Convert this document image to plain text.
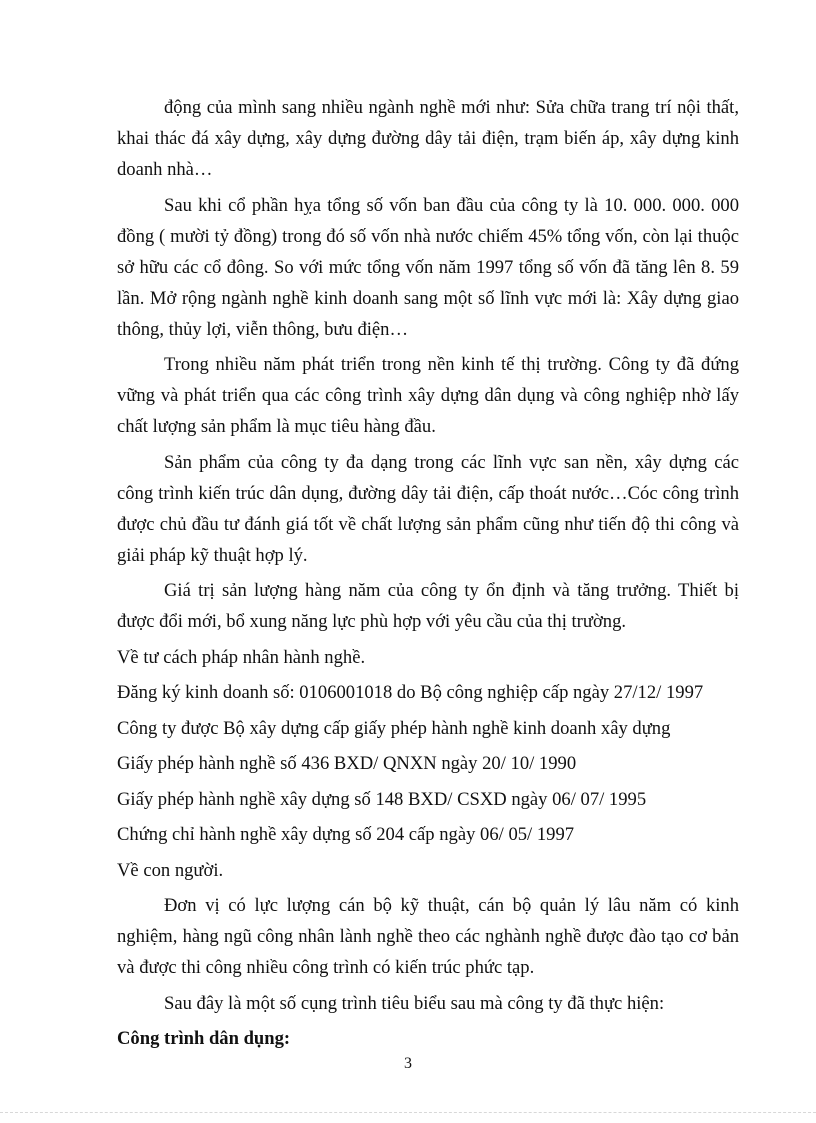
động của mình sang nhiều ngành nghề mới như: Sửa chữa trang trí nội thất, khai thác đá xây dựng, xây dựng đường dây tải điện, trạm biến áp, xây dựng kinh doanh nhà…

Sau khi cổ phần hỵa tổng số vốn ban đầu của công ty là 10. 000. 000. 000 đồng ( mười tỷ đồng) trong đó số vốn nhà nước chiếm 45% tổng vốn, còn lại thuộc sở hữu các cổ đông. So với mức tổng vốn năm 1997 tổng số vốn đã tăng lên 8. 59 lần. Mở rộng ngành nghề kinh doanh sang một số lĩnh vực mới là: Xây dựng giao thông, thủy lợi, viễn thông, bưu điện…

Trong nhiều năm phát triển trong nền kinh tế thị trường. Công ty đã đứng vững và phát triển qua các công trình xây dựng dân dụng và công nghiệp nhờ lấy chất lượng sản phẩm là mục tiêu hàng đầu.

Sản phẩm của công ty đa dạng trong các lĩnh vực san nền, xây dựng các công trình kiến trúc dân dụng, đường dây tải điện, cấp thoát nước…Cóc công trình được chủ đầu tư đánh giá tốt về chất lượng sản phẩm cũng như tiến độ thi công và giải pháp kỹ thuật hợp lý.

Giá trị sản lượng hàng năm của công ty ổn định và tăng trưởng. Thiết bị được đổi mới, bổ xung năng lực phù hợp với yêu cầu của thị trường.

Về tư cách pháp nhân hành nghề.

Đăng ký kinh doanh số: 0106001018 do Bộ công nghiệp cấp ngày 27/12/ 1997

Công ty được Bộ xây dựng cấp giấy phép hành nghề kinh doanh xây dựng

Giấy phép hành nghề số 436 BXD/ QNXN ngày 20/ 10/ 1990

Giấy phép hành nghề xây dựng số 148 BXD/ CSXD ngày 06/ 07/ 1995

Chứng chỉ hành nghề xây dựng số 204 cấp ngày 06/ 05/ 1997

Về con người.

Đơn vị có lực lượng cán bộ kỹ thuật, cán bộ quản lý lâu năm có kinh nghiệm, hàng ngũ công nhân lành nghề theo các nghành nghề được đào tạo cơ bản và được thi công nhiều công trình có kiến trúc phức tạp.

Sau đây là một số cụng trình tiêu biểu sau mà công ty đã thực hiện:

Công trình dân dụng:

3
